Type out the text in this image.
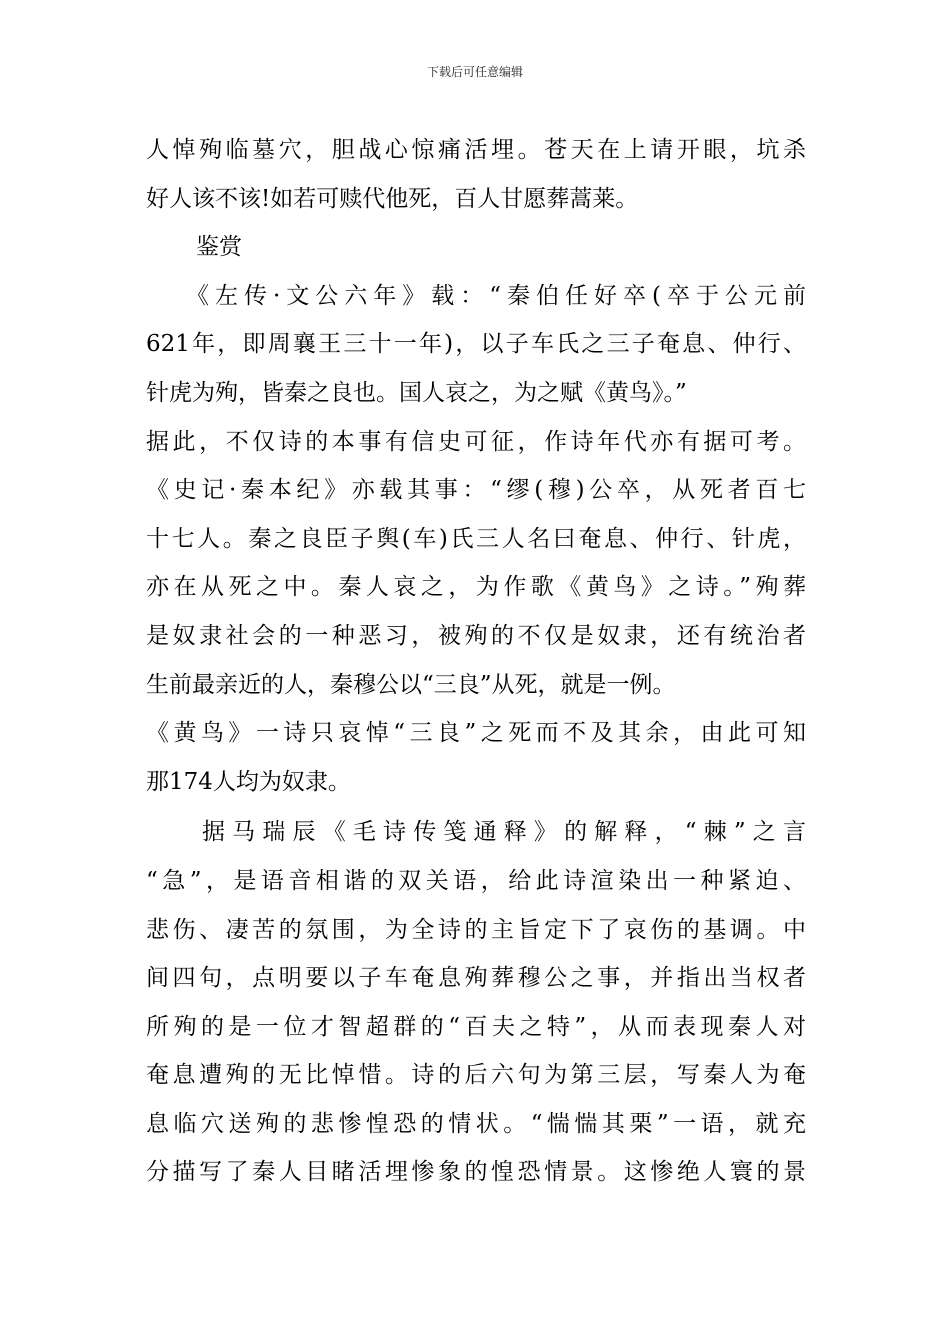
下载后可任意编辑
人悼殉临墓穴，胆战心惊痛活埋。苍天在上请开眼，坑杀
好人该不该!如若可赎代他死，百人甘愿葬蒿莱。
鉴赏
《左传·文公六年》载：“秦伯任好卒(卒于公元前
621年，即周襄王三十一年)，以子车氏之三子奄息、仲行、
针虎为殉，皆秦之良也。国人哀之，为之赋《黄鸟》。”
据此，不仅诗的本事有信史可征，作诗年代亦有据可考。
《史记·秦本纪》亦载其事：“缪(穆)公卒，从死者百七
十七人。秦之良臣子舆(车)氏三人名曰奄息、仲行、针虎，
亦在从死之中。秦人哀之，为作歌《黄鸟》之诗。”殉葬
是奴隶社会的一种恶习，被殉的不仅是奴隶，还有统治者
生前最亲近的人，秦穆公以“三良”从死，就是一例。
《黄鸟》一诗只哀悼“三良”之死而不及其余，由此可知
那174人均为奴隶。
据马瑞辰《毛诗传笺通释》的解释，“棘”之言
“急”，是语音相谐的双关语，给此诗渲染出一种紧迫、
悲伤、凄苦的氛围，为全诗的主旨定下了哀伤的基调。中
间四句，点明要以子车奄息殉葬穆公之事，并指出当权者
所殉的是一位才智超群的“百夫之特”，从而表现秦人对
奄息遭殉的无比悼惜。诗的后六句为第三层，写秦人为奄
息临穴送殉的悲惨惶恐的情状。“惴惴其栗”一语，就充
分描写了秦人目睹活埋惨象的惶恐情景。这惨绝人寰的景
